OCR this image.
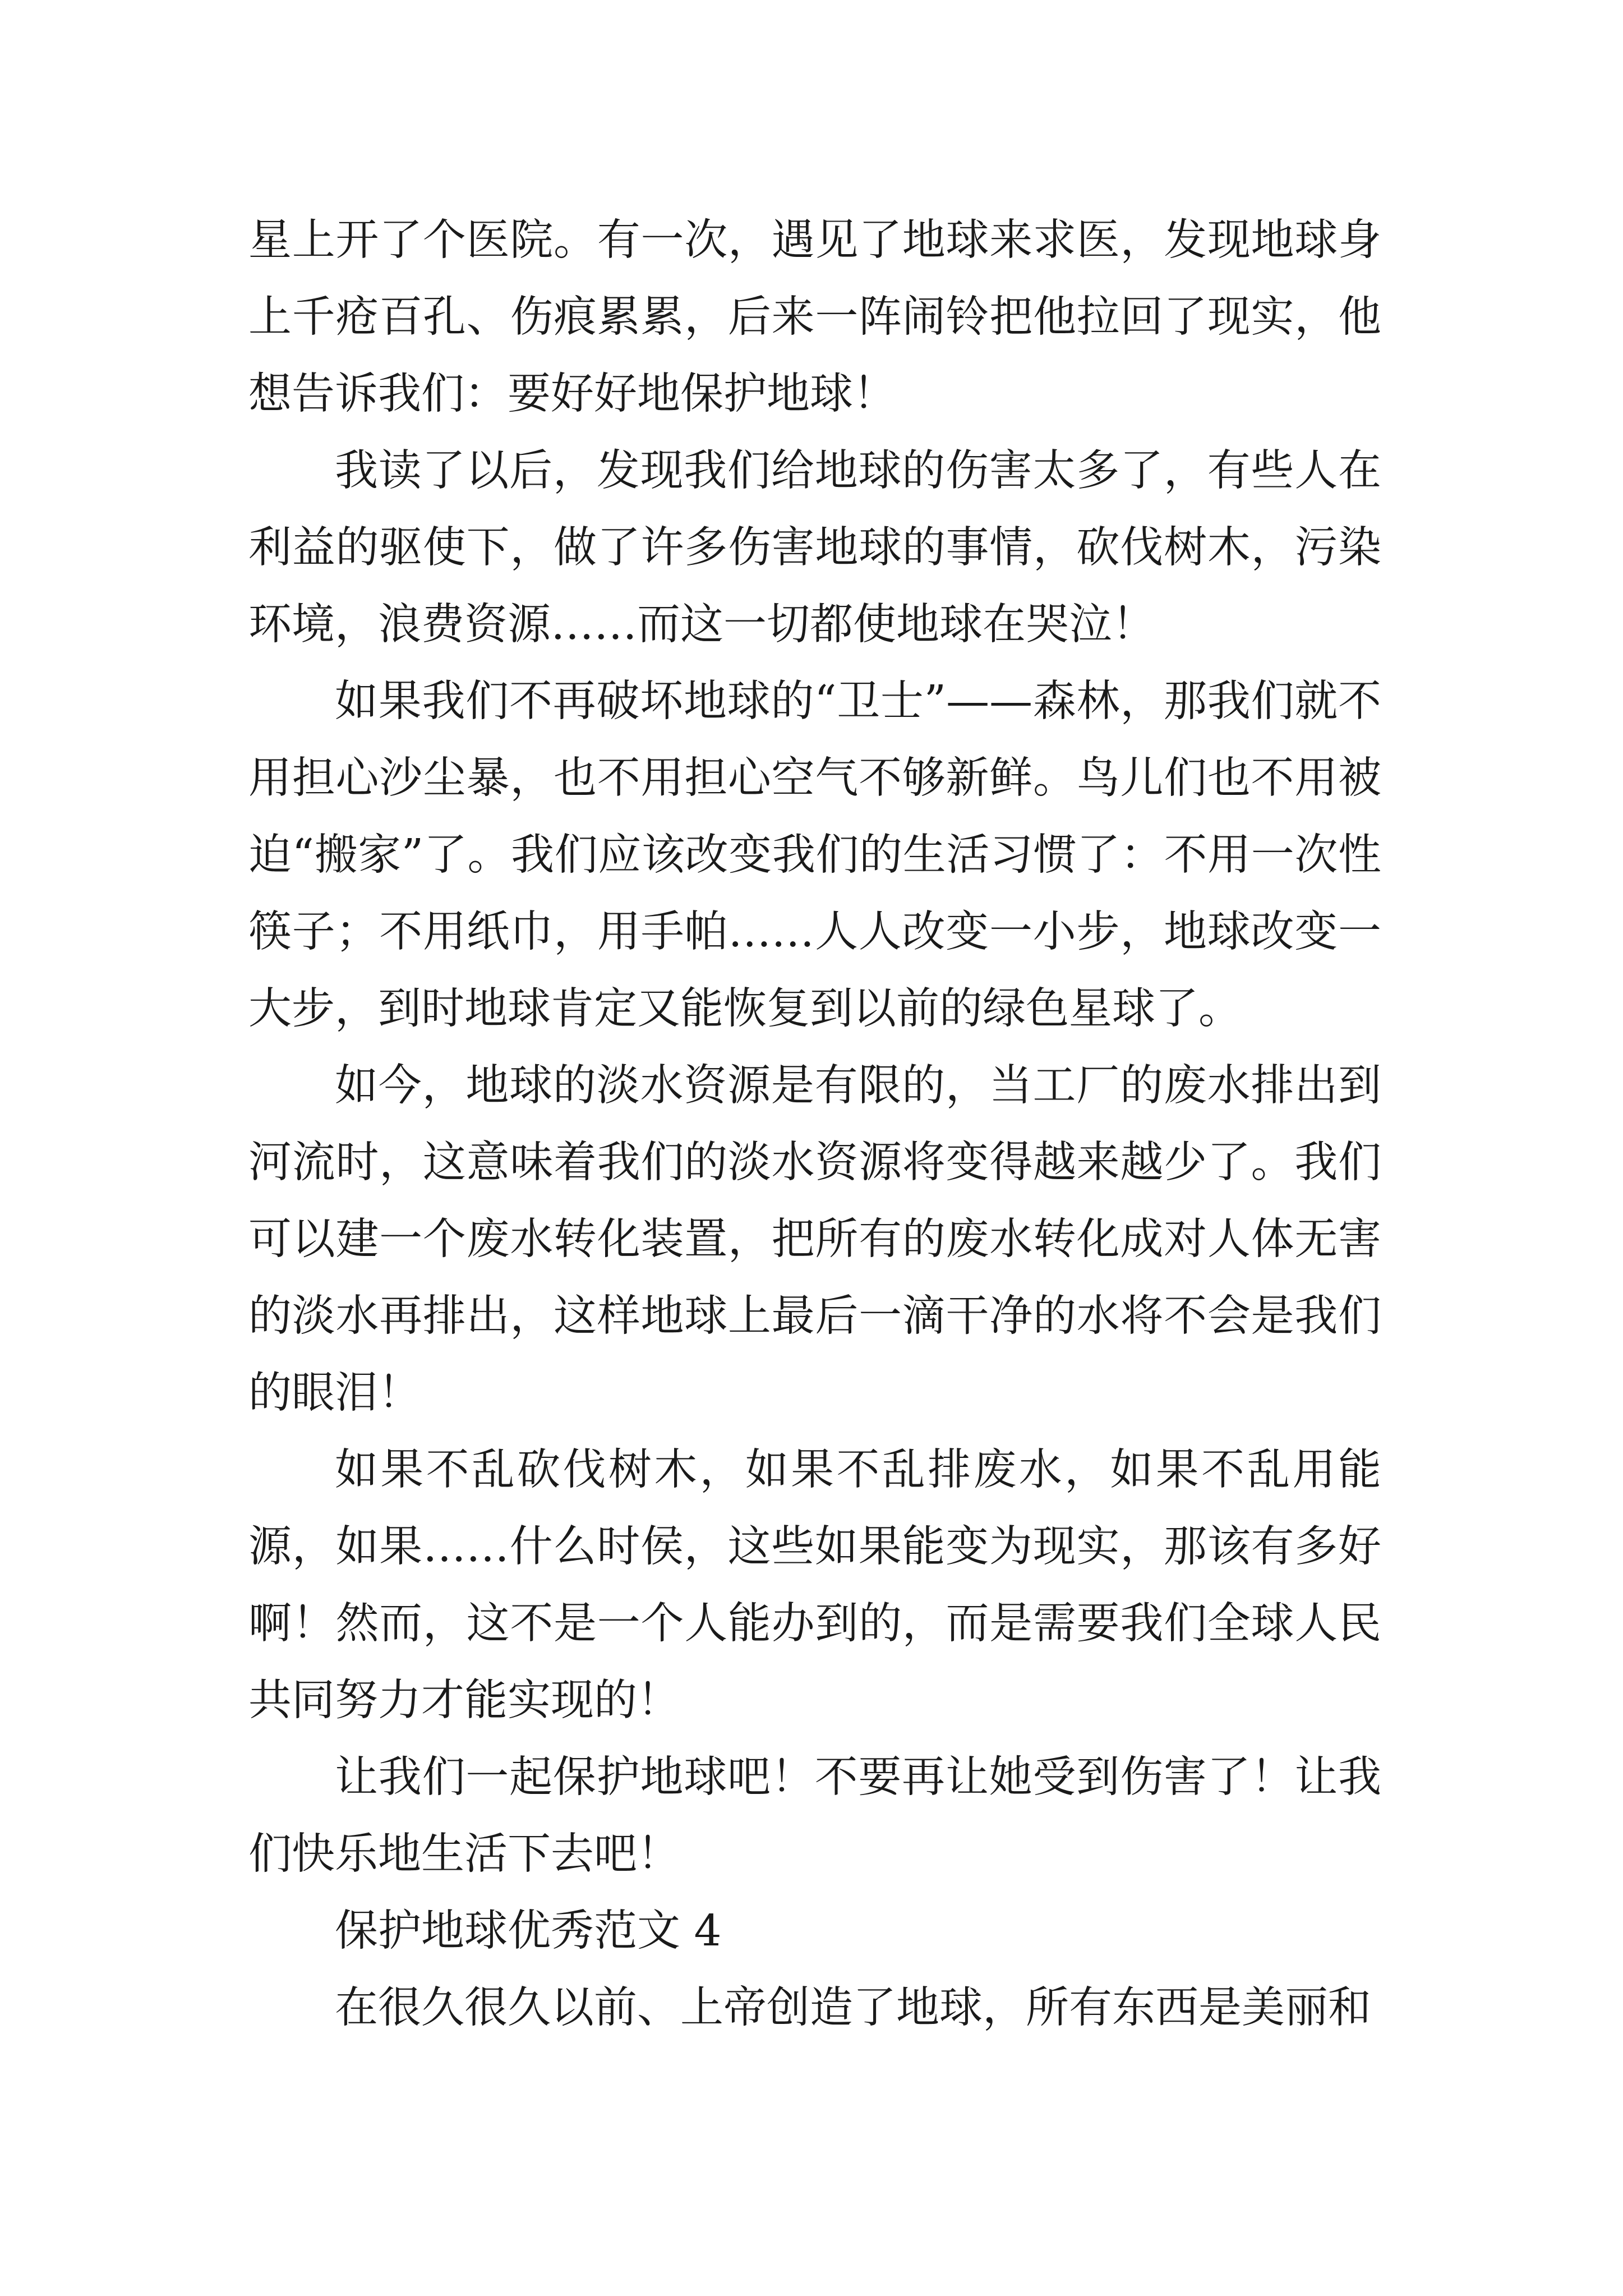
星上开了个医院。有一次，遇见了地球来求医，发现地球身上千疮百孔、伤痕累累，后来一阵闹铃把他拉回了现实，他想告诉我们：要好好地保护地球！

我读了以后，发现我们给地球的伤害太多了，有些人在利益的驱使下，做了许多伤害地球的事情，砍伐树木，污染环境，浪费资源……而这一切都使地球在哭泣！

如果我们不再破坏地球的“卫士”——森林，那我们就不用担心沙尘暴，也不用担心空气不够新鲜。鸟儿们也不用被迫“搬家”了。我们应该改变我们的生活习惯了：不用一次性筷子；不用纸巾，用手帕……人人改变一小步，地球改变一大步，到时地球肯定又能恢复到以前的绿色星球了。

如今，地球的淡水资源是有限的，当工厂的废水排出到河流时，这意味着我们的淡水资源将变得越来越少了。我们可以建一个废水转化装置，把所有的废水转化成对人体无害的淡水再排出，这样地球上最后一滴干净的水将不会是我们的眼泪！

如果不乱砍伐树木，如果不乱排废水，如果不乱用能源，如果……什么时侯，这些如果能变为现实，那该有多好啊！然而，这不是一个人能办到的，而是需要我们全球人民共同努力才能实现的！

让我们一起保护地球吧！不要再让她受到伤害了！让我们快乐地生活下去吧！

保护地球优秀范文 4

在很久很久以前、上帝创造了地球，所有东西是美丽和
